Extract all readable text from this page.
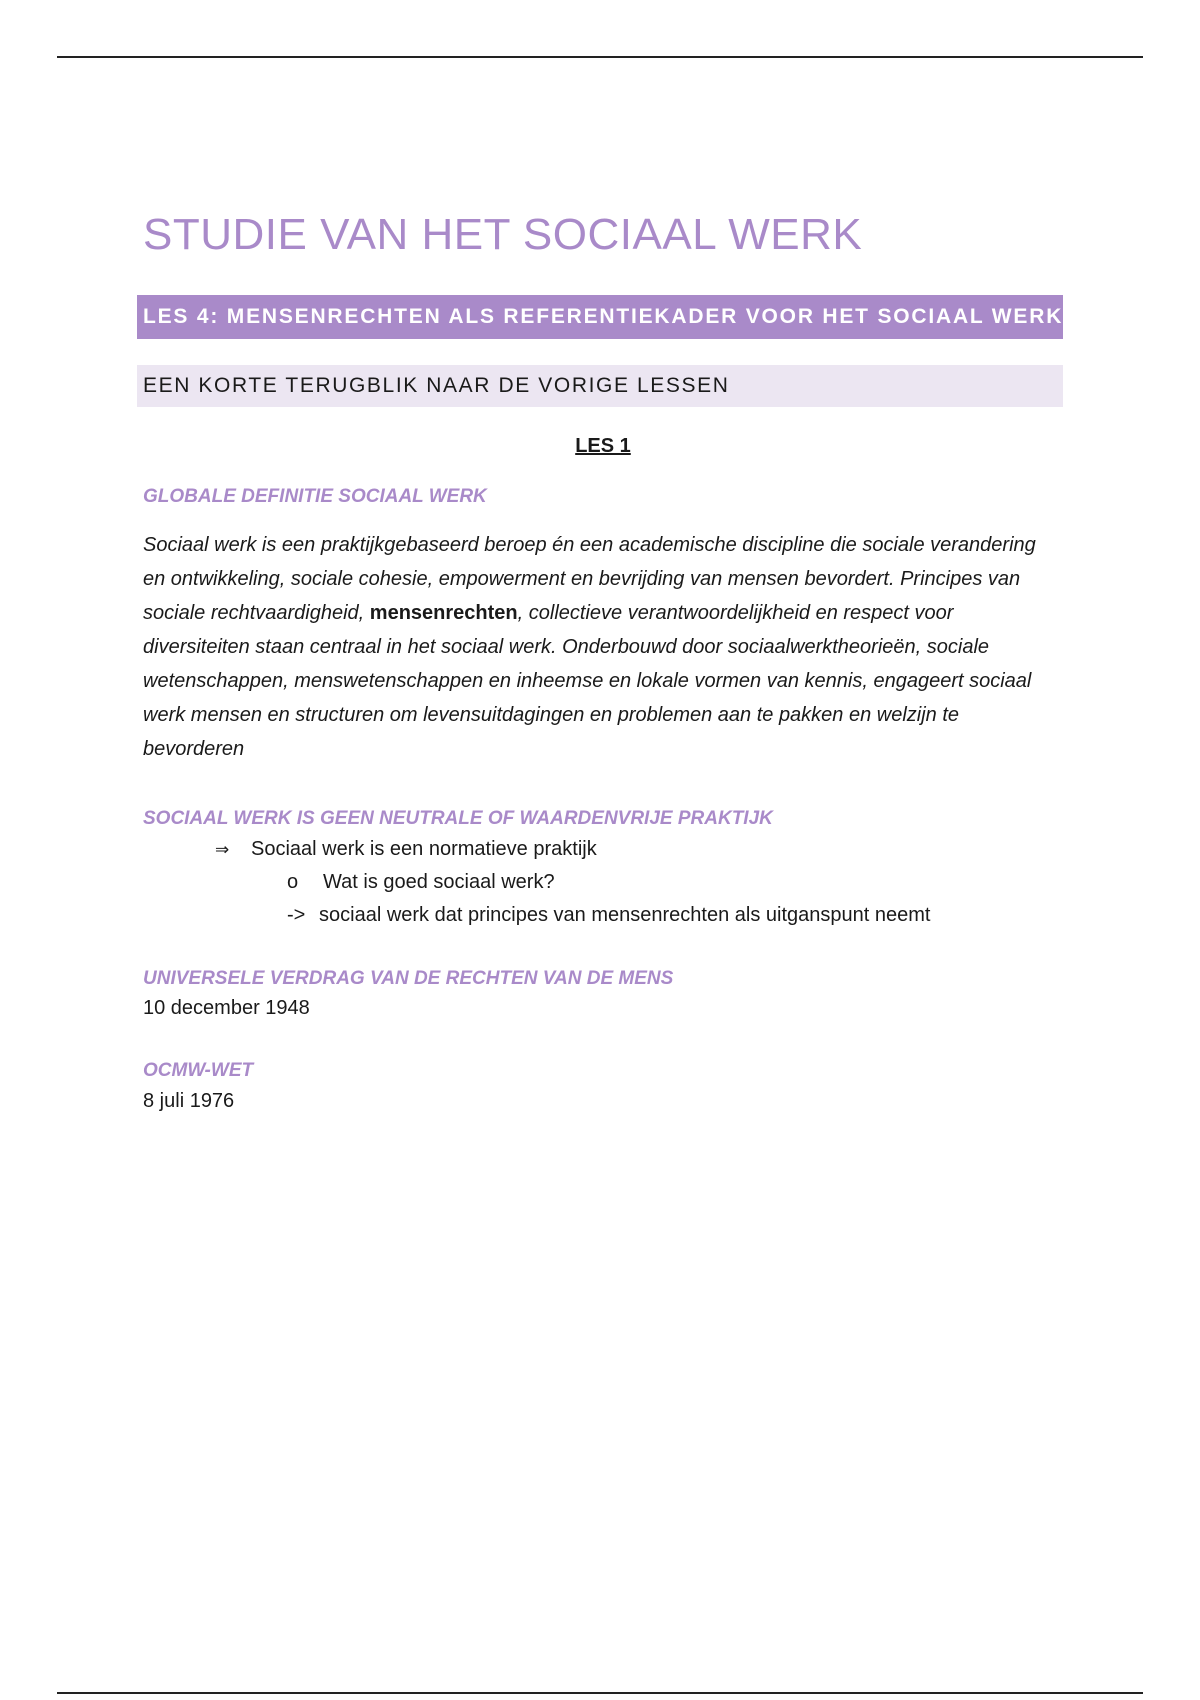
STUDIE VAN HET SOCIAAL WERK
LES 4: MENSENRECHTEN ALS REFERENTIEKADER VOOR HET SOCIAAL WERK
EEN KORTE TERUGBLIK NAAR DE VORIGE LESSEN
LES 1
GLOBALE DEFINITIE SOCIAAL WERK

Sociaal werk is een praktijkgebaseerd beroep én een academische discipline die sociale verandering en ontwikkeling, sociale cohesie, empowerment en bevrijding van mensen bevordert. Principes van sociale rechtvaardigheid, mensenrechten, collectieve verantwoordelijkheid en respect voor diversiteiten staan centraal in het sociaal werk. Onderbouwd door sociaalwerktheorieën, sociale wetenschappen, menswetenschappen en inheemse en lokale vormen van kennis, engageert sociaal werk mensen en structuren om levensuitdagingen en problemen aan te pakken en welzijn te bevorderen

SOCIAAL WERK IS GEEN NEUTRALE OF WAARDENVRIJE PRAKTIJK
⇒ Sociaal werk is een normatieve praktijk
o Wat is goed sociaal werk?
-> sociaal werk dat principes van mensenrechten als uitganspunt neemt
UNIVERSELE VERDRAG VAN DE RECHTEN VAN DE MENS
10 december 1948
OCMW-WET
8 juli 1976
